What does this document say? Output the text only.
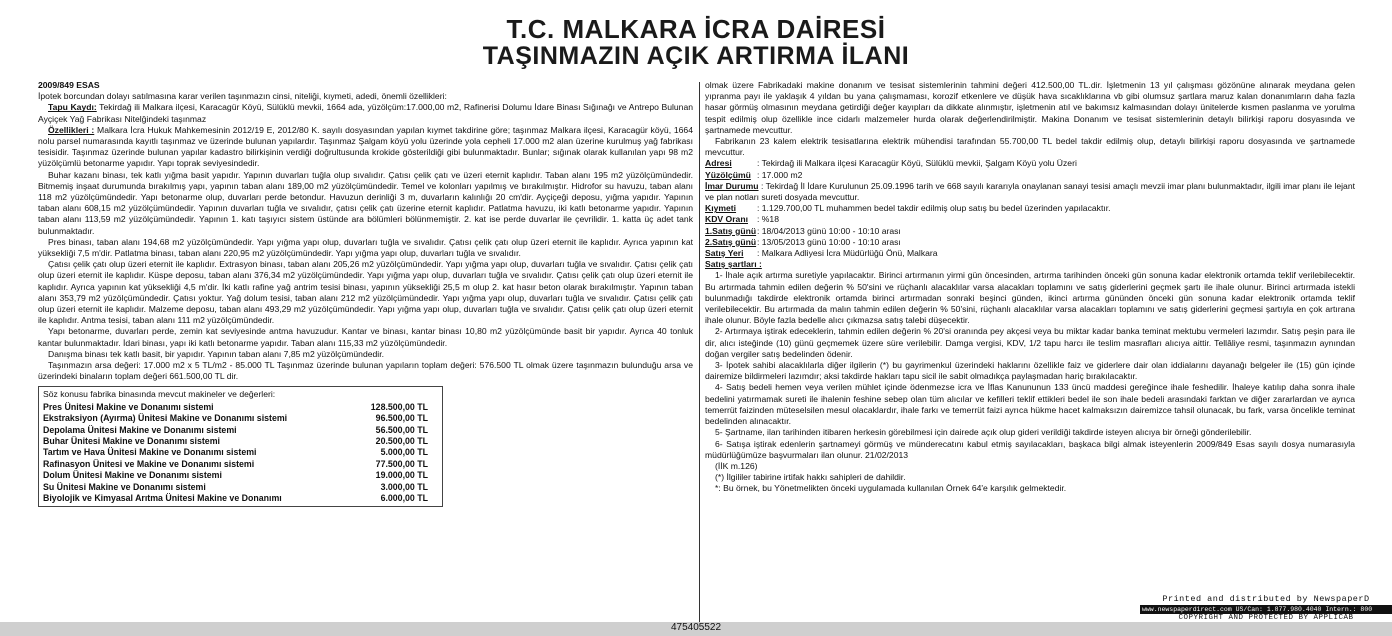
T.C. MALKARA İCRA DAİRESİ
TAŞINMAZIN AÇIK ARTIRMA İLANI

2009/849 ESAS

İpotek borcundan dolayı satılmasına karar verilen taşınmazın cinsi, niteliği, kıymeti, adedi, önemli özellikleri:

Tapu Kaydı: Tekirdağ ili Malkara ilçesi, Karacagür Köyü, Sülüklü mevkii, 1664 ada, yüzölçüm:17.000,00 m2, Rafinerisi Dolumu İdare Binası Sığınağı ve Antrepo Bulunan Ayçiçek Yağ Fabrikası Nitelğindeki taşınmaz

Özellikleri : Malkara İcra Hukuk Mahkemesinin 2012/19 E, 2012/80 K. sayılı dosyasından yapılan kıymet takdirine göre; taşınmaz Malkara ilçesi, Karacagür köyü, 1664 nolu parsel numarasında kayıtlı taşınmaz ve üzerinde bulunan yapılardır. Taşınmaz Şalgam köyü yolu üzerinde yola cepheli 17.000 m2 alan üzerine kurulmuş yağ fabrikası tesisidir. Taşınmaz üzerinde bulunan yapılar kadastro bilirkişinin verdiği doğrultusunda krokide gösterildiği gibi bulunmaktadır. Bunlar; sığınak olarak kullanılan yapı 98 m2 yüzölçümlü betonarme yapıdır. Yapı toprak seviyesindedir.

Buhar kazanı binası, tek katlı yığma basit yapıdır. Yapının duvarları tuğla olup sıvalıdır. Çatısı çelik çatı ve üzeri eternit kaplıdır. Taban alanı 195 m2 yüzölçümündedir. Bitmemiş inşaat durumunda bırakılmış yapı, yapının taban alanı 189,00 m2 yüzölçümündedir. Temel ve kolonları yapılmış ve bırakılmıştır. Hidrofor su havuzu, taban alanı 118 m2 yüzölçümündedir. Yapı betonarme olup, duvarları perde betondur. Havuzun derinliği 3 m, duvarların kalınlığı 20 cm'dir. Ayçiçeği deposu, yığma yapıdır. Yapının taban alanı 608,15 m2 yüzölçümündedir. Yapının duvarları tuğla ve sıvalıdır, çatısı çelik çatı üzerine eternit kaplıdır. Patlatma havuzu, iki katlı betonarme yapıdır. Yapının taban alanı 113,59 m2 yüzölçümündedir. Yapının 1. katı taşıyıcı sistem üstünde ara bölümleri bölünmemiştir. 2. kat ise perde duvarlar ile çevrilidir. 1. katta üç adet tank bulunmaktadır.

Pres binası, taban alanı 194,68 m2 yüzölçümündedir. Yapı yığma yapı olup, duvarları tuğla ve sıvalıdır. Çatısı çelik çatı olup üzeri eternit ile kaplıdır. Ayrıca yapının kat yüksekliği 7,5 m'dir. Patlatma binası, taban alanı 220,95 m2 yüzölçümündedir. Yapı yığma yapı olup, duvarları tuğla ve sıvalıdır.

Çatısı çelik çatı olup üzeri eternit ile kaplıdır. Extrasyon binası, taban alanı 205,26 m2 yüzölçümündedir. Yapı yığma yapı olup, duvarları tuğla ve sıvalıdır. Çatısı çelik çatı olup üzeri eternit ile kaplıdır. Küspe deposu, taban alanı 376,34 m2 yüzölçümündedir. Yapı yığma yapı olup, duvarları tuğla ve sıvalıdır. Çatısı çelik çatı olup üzeri eternit ile kaplıdır. Ayrıca yapının kat yüksekliği 4,5 m'dir. İki katlı rafine yağ antrim tesisi binası, yapının yüksekliği 25,5 m olup 2. kat hasır beton olarak bırakılmıştır. Yapının taban alanı 353,79 m2 yüzölçümündedir. Çatısı yoktur. Yağ dolum tesisi, taban alanı 212 m2 yüzölçümündedir. Yapı yığma yapı olup, duvarları tuğla ve sıvalıdır. Çatısı çelik çatı olup üzeri eternit ile kaplıdır. Malzeme deposu, taban alanı 493,29 m2 yüzölçümündedir. Yapı yığma yapı olup, duvarları tuğla ve sıvalıdır. Çatısı çelik çatı olup üzeri eternit ile kaplıdır. Antma tesisi, taban alanı 111 m2 yüzölçümündedir.

Yapı betonarme, duvarları perde, zemin kat seviyesinde antma havuzudur. Kantar ve binası, kantar binası 10,80 m2 yüzölçümünde basit bir yapıdır. Ayrıca 40 tonluk kantar bulunmaktadır. İdari binası, yapı iki katlı betonarme yapıdır. Taban alanı 115,33 m2 yüzölçümündedir.

Danışma binası tek katlı basit, bir yapıdır. Yapının taban alanı 7,85 m2 yüzölçümündedir.

Taşınmazın arsa değeri: 17.000 m2 x 5 TL/m2 - 85.000 TL Taşınmaz üzerinde bulunan yapıların toplam değeri: 576.500 TL olmak üzere taşınmazın bulunduğu arsa ve üzerindeki binaların toplam değeri 661.500,00 TL dir.

Söz konusu fabrika binasında mevcut makineler ve değerleri:
Pres Ünitesi Makine ve Donanımı sistemi	128.500,00 TL
Ekstraksiyon (Ayırma) Ünitesi Makine ve Donanımı sistemi	96.500,00 TL
Depolama Ünitesi Makine ve Donanımı sistemi	56.500,00 TL
Buhar Ünitesi Makine ve Donanımı sistemi	20.500,00 TL
Tartım ve Hava Ünitesi Makine ve Donanımı sistemi	5.000,00 TL
Rafinasyon Ünitesi ve Makine ve Donanımı sistemi	77.500,00 TL
Dolum Ünitesi Makine ve Donanımı sistemi	19.000,00 TL
Su Ünitesi Makine ve Donanımı sistemi	3.000,00 TL
Biyolojik ve Kimyasal Arıtma Ünitesi Makine ve Donanımı	6.000,00 TL

olmak üzere Fabrikadaki makine donanım ve tesisat sistemlerinin tahmini değeri 412.500,00 TL.dir. İşletmenin 13 yıl çalışması gözönüne alınarak meydana gelen yıpranma payı ile yaklaşık 4 yıldan bu yana çalışmaması, korozif etkenlere ve düşük hava sıcaklıklarına vb gibi olumsuz şartlara maruz kalan donanımların daha fazla hasar görmüş olmasının meydana getirdiği değer kayıpları da dikkate alınmıştır, işletmenin atıl ve bakımsız kalmasından dolayı ünitelerde kısmen paslanma ve yorulma tespit edilmiş olup özellikle ince cidarlı malzemeler hurda olarak değerlendirilmiştir. Makina Donanım ve tesisat sistemlerinin detaylı bilirkişi raporu dosyasında ve şartnamede mevcuttur.

Fabrikanın 23 kalem elektrik tesisatlarına elektrik mühendisi tarafından 55.700,00 TL bedel takdir edilmiş olup, detaylı bilirkişi raporu dosyasında ve şartnamede mevcuttur.

Adresi	: Tekirdağ ili Malkara ilçesi Karacagür Köyü, Sülüklü mevkii, Şalgam Köyü yolu Üzeri
Yüzölçümü : 17.000 m2

İmar Durumu : Tekirdağ İl İdare Kurulunun 25.09.1996 tarih ve 668 sayılı kararıyla onaylanan sanayi tesisi amaçlı mevzii imar planı bulunmaktadır, ilgili imar planı ile lejant ve plan notları sureti dosyada mevcuttur.

Kıymeti	: 1.129.700,00 TL muhammen bedel takdir edilmiş olup satış bu bedel üzerinden yapılacaktır.
KDV Oranı	: %18
1.Satış günü : 18/04/2013 günü 10:00 - 10:10 arası
2.Satış günü : 13/05/2013 günü 10:00 - 10:10 arası
Satış Yeri	: Malkara Adliyesi İcra Müdürlüğü Önü, Malkara

Satış şartları :

1- İhale açık artırma suretiyle yapılacaktır. Birinci artırmanın yirmi gün öncesinden, artırma tarihinden önceki gün sonuna kadar elektronik ortamda teklif verilebilecektir. Bu artırmada tahmin edilen değerin % 50'sini ve rüçhanlı alacaklılar varsa alacakları toplamını ve satış giderlerini geçmek şartı ile ihale olunur. Birinci artırmada istekli bulunmadığı takdirde elektronik ortamda birinci artırmadan sonraki beşinci günden, ikinci artırma gününden önceki gün sonuna kadar elektronik ortamda teklif verilebilecektir. Bu artırmada da malın tahmin edilen değerin % 50'sini, rüçhanlı alacaklılar varsa alacakları toplamını ve satış giderlerini geçmesi şartıyla en çok artırana ihale olunur. Böyle fazla bedelle alıcı çıkmazsa satış talebi düşecektir.

2- Artırmaya iştirak edeceklerin, tahmin edilen değerin % 20'si oranında pey akçesi veya bu miktar kadar banka teminat mektubu vermeleri lazımdır. Satış peşin para ile dir, alıcı isteğinde (10) günü geçmemek üzere süre verilebilir. Damga vergisi, KDV, 1/2 tapu harcı ile teslim masrafları alıcıya aittir. Tellâliye resmi, taşınmazın aynından doğan vergiler satış bedelinden ödenir.

3- İpotek sahibi alacaklılarla diğer ilgilerin (*) bu gayrimenkul üzerindeki haklarını özellikle faiz ve giderlere dair olan iddialarını dayanağı belgeler ile (15) gün içinde dairemize bildirmeleri lazımdır; aksi takdirde hakları tapu sicil ile sabit olmadıkça paylaşmadan hariç bırakılacaktır.

4- Satış bedeli hemen veya verilen mühlet içinde ödenmezse icra ve İflas Kanununun 133 üncü maddesi gereğince ihale feshedilir. İhaleye katılıp daha sonra ihale bedelini yatırmamak sureti ile ihalenin feshine sebep olan tüm alıcılar ve kefilleri teklif ettikleri bedel ile son ihale bedeli arasındaki farktan ve diğer zararlardan ve ayrıca temerrüt faizinden müteselsilen mesul olacaklardır, ihale farkı ve temerrüt faizi ayrıca hükme hacet kalmaksızın dairemizce tahsil olunacak, bu fark, varsa öncelikle teminat bedelinden alınacaktır.

5- Şartname, ilan tarihinden itibaren herkesin görebilmesi için dairede açık olup gideri verildiği takdirde isteyen alıcıya bir örneği gönderilebilir.

6- Satışa iştirak edenlerin şartnameyi görmüş ve münderecatını kabul etmiş sayılacakları, başkaca bilgi almak isteyenlerin 2009/849 Esas sayılı dosya numarasıyla müdürlüğümüze başvurmaları ilan olunur. 21/02/2013

(İİK m.126)

(*) İlgililer tabirine irtifak hakkı sahipleri de dahildir.

*: Bu örnek, bu Yönetmelikten önceki uygulamada kullanılan Örnek 64'e karşılık gelmektedir.

Printed and distributed by NewspaperD
www.newspaperdirect.com US/Can: 1.877.980.4040 Intern.: 800
COPYRIGHT AND PROTECTED BY APPLICAB
475405522
